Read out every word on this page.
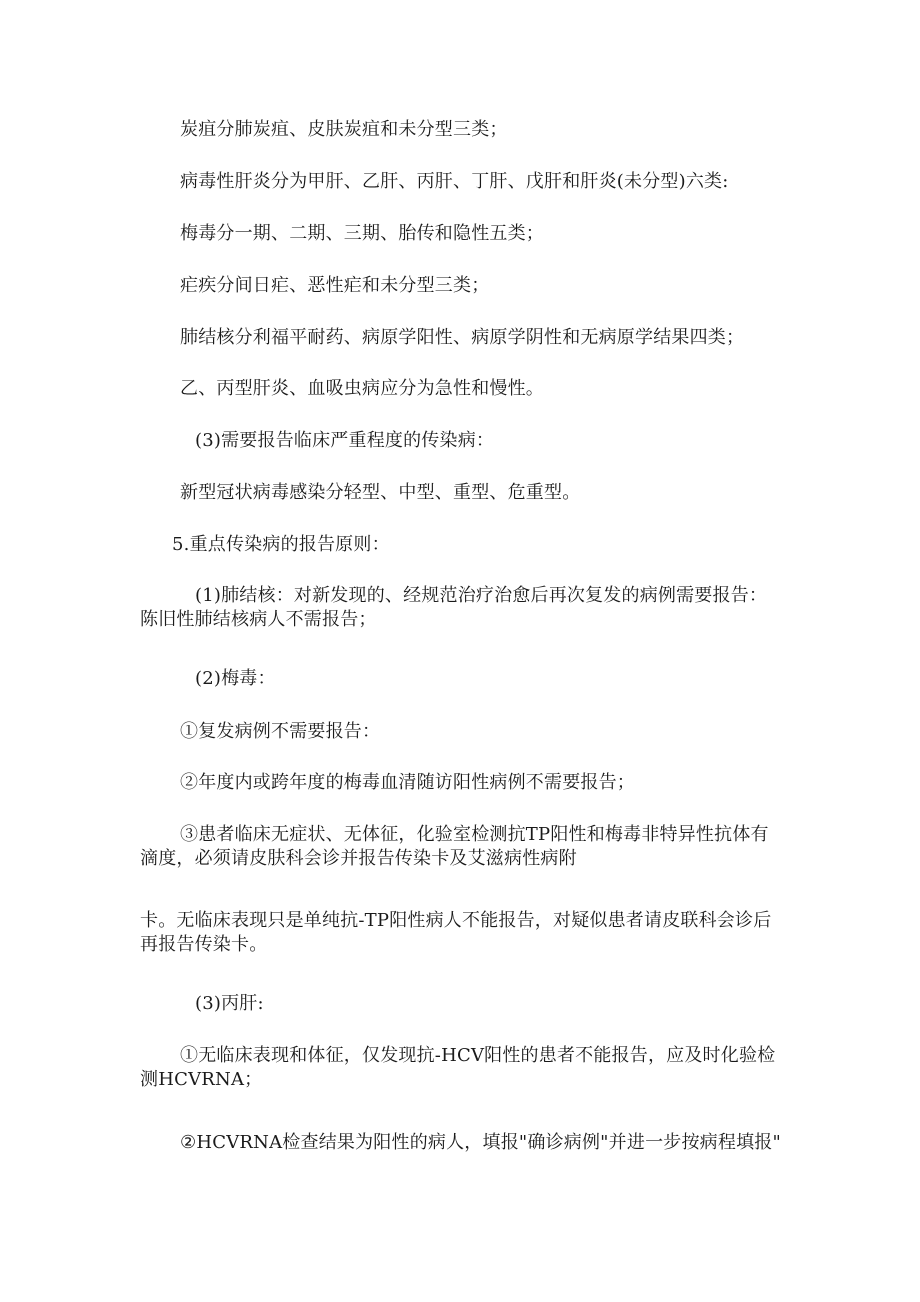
炭疽分肺炭疽、皮肤炭疽和未分型三类；
病毒性肝炎分为甲肝、乙肝、丙肝、丁肝、戊肝和肝炎(未分型)六类:
梅毒分一期、二期、三期、胎传和隐性五类；
疟疾分间日疟、恶性疟和未分型三类；
肺结核分利福平耐药、病原学阳性、病原学阴性和无病原学结果四类；
乙、丙型肝炎、血吸虫病应分为急性和慢性。
(3)需要报告临床严重程度的传染病：
新型冠状病毒感染分轻型、中型、重型、危重型。
5.重点传染病的报告原则：
(1)肺结核：对新发现的、经规范治疗治愈后再次复发的病例需要报告：
陈旧性肺结核病人不需报告；
(2)梅毒：
①复发病例不需要报告：
②年度内或跨年度的梅毒血清随访阳性病例不需要报告；
③患者临床无症状、无体征，化验室检测抗TP阳性和梅毒非特异性抗体有
滴度，必须请皮肤科会诊并报告传染卡及艾滋病性病附
卡。无临床表现只是单纯抗-TP阳性病人不能报告，对疑似患者请皮联科会诊后
再报告传染卡。
(3)丙肝:
①无临床表现和体征，仅发现抗-HCV阳性的患者不能报告，应及时化验检
测HCVRNA；
②HCVRNA检查结果为阳性的病人，填报"确诊病例"并进一步按病程填报"
